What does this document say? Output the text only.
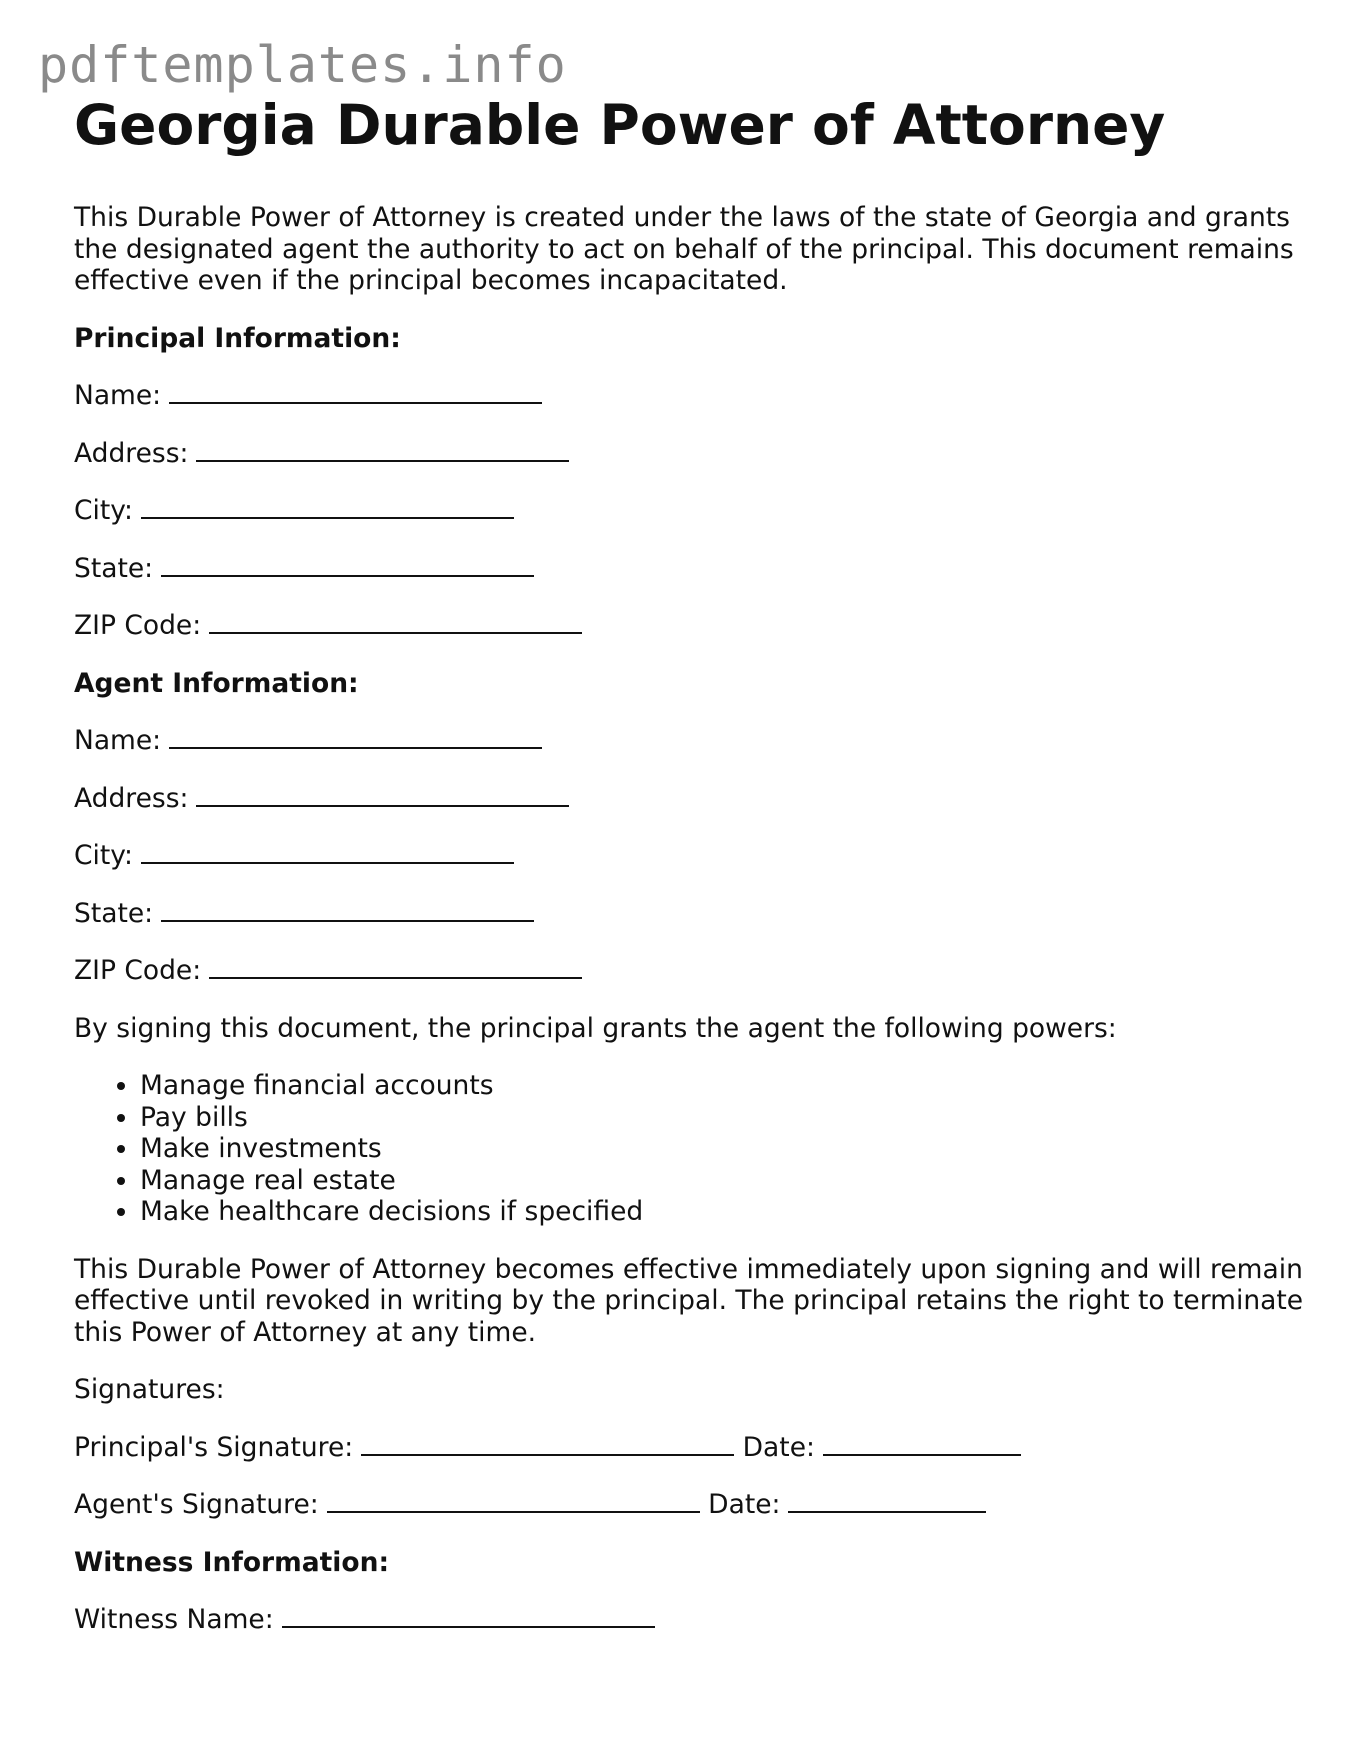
pdftemplates.info
Georgia Durable Power of Attorney

This Durable Power of Attorney is created under the laws of the state of Georgia and grants the designated agent the authority to act on behalf of the principal. This document remains effective even if the principal becomes incapacitated.

Principal Information:
Name:
Address:
City:
State:
ZIP Code:
Agent Information:
Name:
Address:
City:
State:
ZIP Code:

By signing this document, the principal grants the agent the following powers:

• Manage financial accounts
• Pay bills
• Make investments
• Manage real estate
• Make healthcare decisions if specified

This Durable Power of Attorney becomes effective immediately upon signing and will remain effective until revoked in writing by the principal. The principal retains the right to terminate this Power of Attorney at any time.

Signatures:

Principal's Signature:	Date:
Agent's Signature:	Date:
Witness Information:
Witness Name:
